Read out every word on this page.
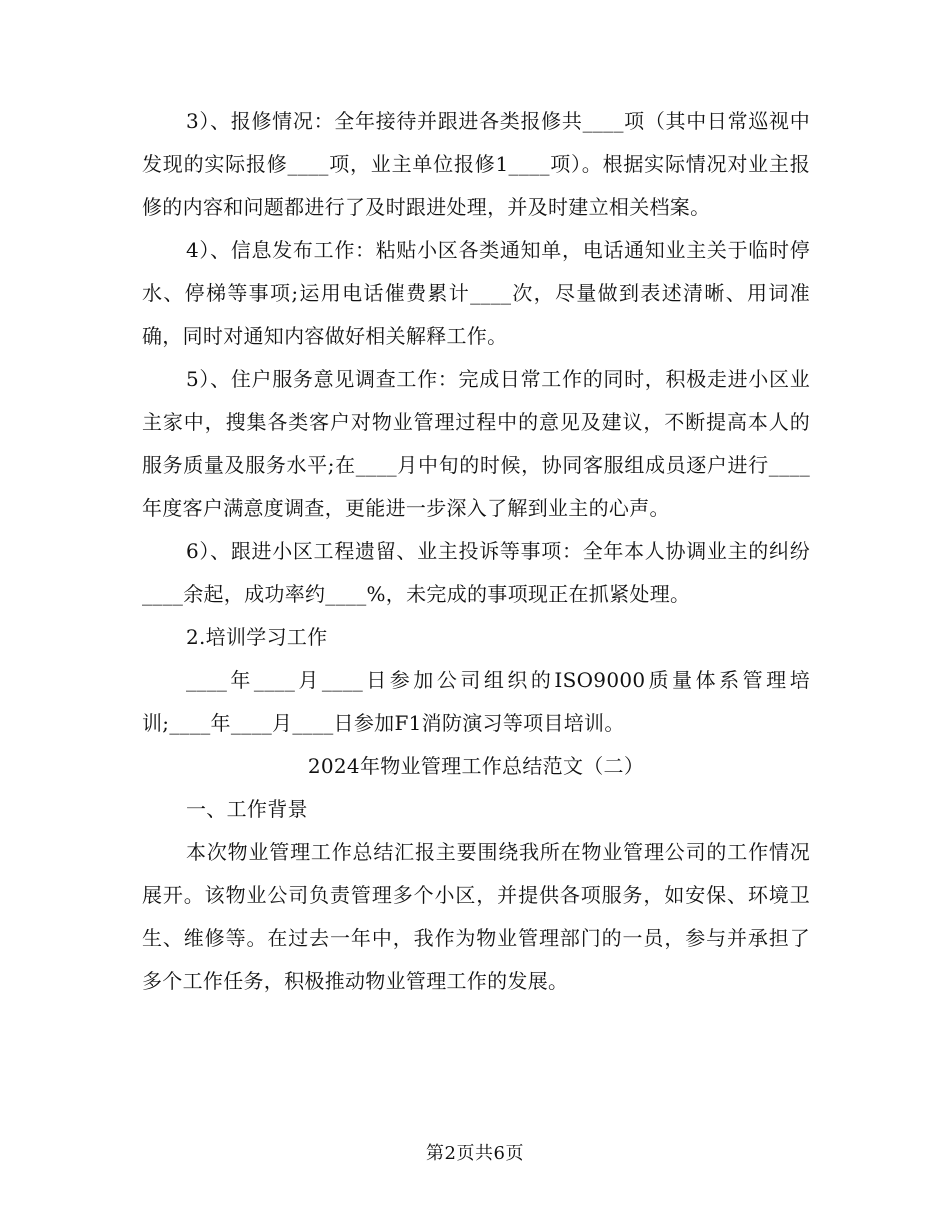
3）、报修情况：全年接待并跟进各类报修共____项（其中日常巡视中发现的实际报修____项，业主单位报修1____项）。根据实际情况对业主报修的内容和问题都进行了及时跟进处理，并及时建立相关档案。

4）、信息发布工作：粘贴小区各类通知单，电话通知业主关于临时停水、停梯等事项;运用电话催费累计____次，尽量做到表述清晰、用词准确，同时对通知内容做好相关解释工作。

5）、住户服务意见调查工作：完成日常工作的同时，积极走进小区业主家中，搜集各类客户对物业管理过程中的意见及建议，不断提高本人的服务质量及服务水平;在____月中旬的时候，协同客服组成员逐户进行____年度客户满意度调查，更能进一步深入了解到业主的心声。

6）、跟进小区工程遗留、业主投诉等事项：全年本人协调业主的纠纷____余起，成功率约____%，未完成的事项现正在抓紧处理。

2.培训学习工作

____年____月____日参加公司组织的ISO9000质量体系管理培训;____年____月____日参加F1消防演习等项目培训。

2024年物业管理工作总结范文（二）

一、工作背景

本次物业管理工作总结汇报主要围绕我所在物业管理公司的工作情况展开。该物业公司负责管理多个小区，并提供各项服务，如安保、环境卫生、维修等。在过去一年中，我作为物业管理部门的一员，参与并承担了多个工作任务，积极推动物业管理工作的发展。

第2页共6页
